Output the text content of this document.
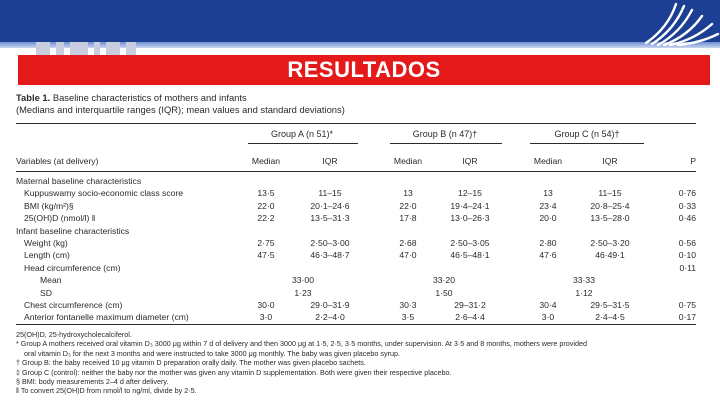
RESULTADOS
Table 1. Baseline characteristics of mothers and infants
(Medians and interquartile ranges (IQR); mean values and standard deviations)
Group A (n 51)*	Group B (n 47)†	Group C (n 54)†
Variables (at delivery)	Median	IQR	Median	IQR	Median	IQR	P
Maternal baseline characteristics
Kuppuswamy socio-economic class score	13·5	11–15	13	12–15	13	11–15	0·76
BMI (kg/m²)§	22·0	20·1–24·6	22·0	19·4–24·1	23·4	20·8–25·4	0·33
25(OH)D (nmol/l) ‖	22·2	13·5–31·3	17·8	13·0–26·3	20·0	13·5–28·0	0·46
Infant baseline characteristics
Weight (kg)	2·75	2·50–3·00	2·68	2·50–3·05	2·80	2·50–3·20	0·56
Length (cm)	47·5	46·3–48·7	47·0	46·5–48·1	47·6	46·49·1	0·10
Head circumference (cm)	0·11
Mean	33·00	33·20	33·33
SD	1·23	1·50	1·12
Chest circumference (cm)	30·0	29·0–31·9	30·3	29–31·2	30·4	29·5–31·5	0·75
Anterior fontanelle maximum diameter (cm)	3·0	2·2–4·0	3·5	2·6–4·4	3·0	2·4–4·5	0·17
25(OH)D, 25-hydroxycholecalciferol.
* Group A mothers received oral vitamin D₃ 3000 μg within 7 d of delivery and then 3000 μg at 1·5, 2·5, 3·5 months, under supervision. At 3·5 and 8 months, mothers were provided
oral vitamin D₃ for the next 3 months and were instructed to take 3000 μg monthly. The baby was given placebo syrup.
† Group B: the baby received 10 μg vitamin D preparation orally daily. The mother was given placebo sachets.
‡ Group C (control): neither the baby nor the mother was given any vitamin D supplementation. Both were given their respective placebo.
§ BMI: body measurements 2–4 d after delivery.
‖ To convert 25(OH)D from nmol/l to ng/ml, divide by 2·5.
